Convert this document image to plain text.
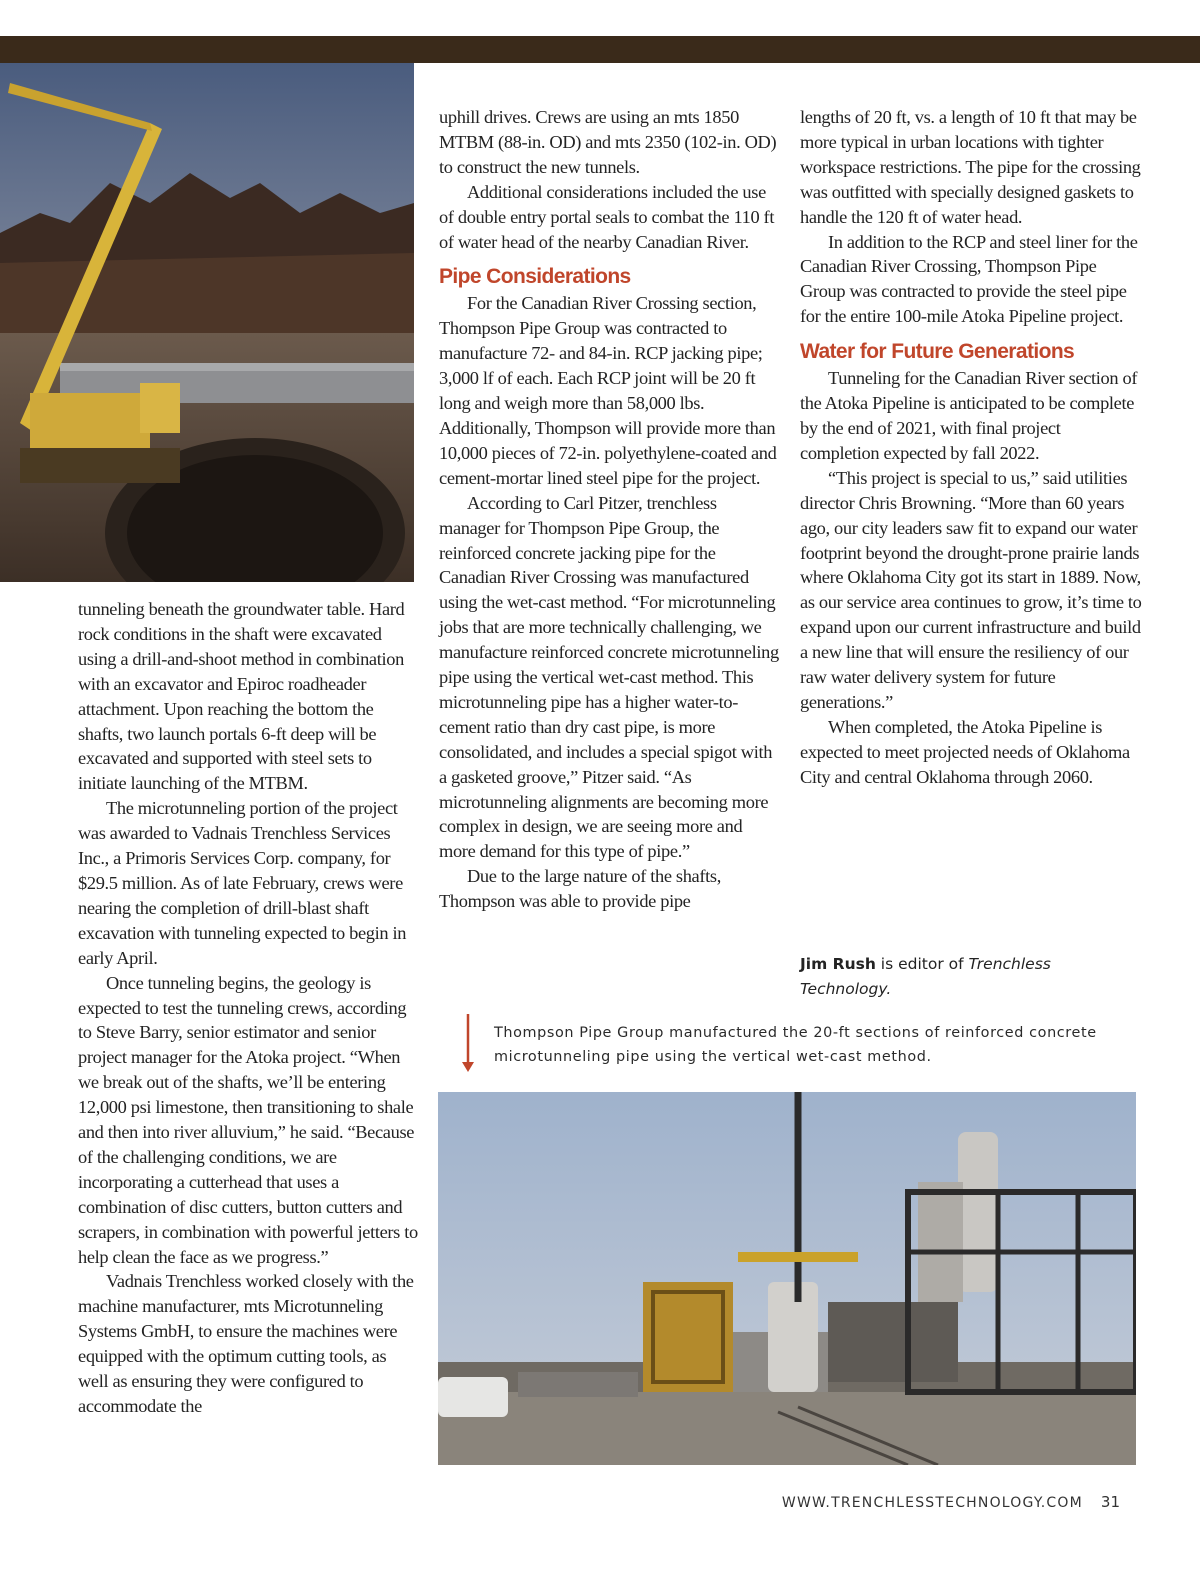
tunneling beneath the groundwater table. Hard rock conditions in the shaft were excavated using a drill-and-shoot method in combination with an excavator and Epiroc roadheader attachment. Upon reaching the bottom the shafts, two launch portals 6-ft deep will be excavated and supported with steel sets to initiate launching of the MTBM.

The microtunneling portion of the project was awarded to Vadnais Trenchless Services Inc., a Primoris Services Corp. company, for $29.5 million. As of late February, crews were nearing the completion of drill-blast shaft excavation with tunneling expected to begin in early April.

Once tunneling begins, the geology is expected to test the tunneling crews, according to Steve Barry, senior estimator and senior project manager for the Atoka project. “When we break out of the shafts, we’ll be entering 12,000 psi limestone, then transitioning to shale and then into river alluvium,” he said. “Because of the challenging conditions, we are incorporating a cutterhead that uses a combination of disc cutters, button cutters and scrapers, in combination with powerful jetters to help clean the face as we progress.”

Vadnais Trenchless worked closely with the machine manufacturer, mts Microtunneling Systems GmbH, to ensure the machines were equipped with the optimum cutting tools, as well as ensuring they were configured to accommodate the

uphill drives. Crews are using an mts 1850 MTBM (88-in. OD) and mts 2350 (102-in. OD) to construct the new tunnels.

Additional considerations included the use of double entry portal seals to combat the 110 ft of water head of the nearby Canadian River.

Pipe Considerations

For the Canadian River Crossing section, Thompson Pipe Group was contracted to manufacture 72- and 84-in. RCP jacking pipe; 3,000 lf of each. Each RCP joint will be 20 ft long and weigh more than 58,000 lbs. Additionally, Thompson will provide more than 10,000 pieces of 72-in. polyethylene-coated and cement-mortar lined steel pipe for the project.

According to Carl Pitzer, trenchless manager for Thompson Pipe Group, the reinforced concrete jacking pipe for the Canadian River Crossing was manufactured using the wet-cast method. “For microtunneling jobs that are more technically challenging, we manufacture reinforced concrete microtunneling pipe using the vertical wet-cast method. This microtunneling pipe has a higher water-to-cement ratio than dry cast pipe, is more consolidated, and includes a special spigot with a gasketed groove,” Pitzer said. “As microtunneling alignments are becoming more complex in design, we are seeing more and more demand for this type of pipe.”

Due to the large nature of the shafts, Thompson was able to provide pipe

lengths of 20 ft, vs. a length of 10 ft that may be more typical in urban locations with tighter workspace restrictions. The pipe for the crossing was outfitted with specially designed gaskets to handle the 120 ft of water head.

In addition to the RCP and steel liner for the Canadian River Crossing, Thompson Pipe Group was contracted to provide the steel pipe for the entire 100-mile Atoka Pipeline project.

Water for Future Generations

Tunneling for the Canadian River section of the Atoka Pipeline is anticipated to be complete by the end of 2021, with final project completion expected by fall 2022.

“This project is special to us,” said utilities director Chris Browning. “More than 60 years ago, our city leaders saw fit to expand our water footprint beyond the drought-prone prairie lands where Oklahoma City got its start in 1889. Now, as our service area continues to grow, it’s time to expand upon our current infrastructure and build a new line that will ensure the resiliency of our raw water delivery system for future generations.”

When completed, the Atoka Pipeline is expected to meet projected needs of Oklahoma City and central Oklahoma through 2060.

Jim Rush is editor of Trenchless Technology.
Thompson Pipe Group manufactured the 20-ft sections of reinforced concrete microtunneling pipe using the vertical wet-cast method.
WWW.TRENCHLESSTECHNOLOGY.COM 31
